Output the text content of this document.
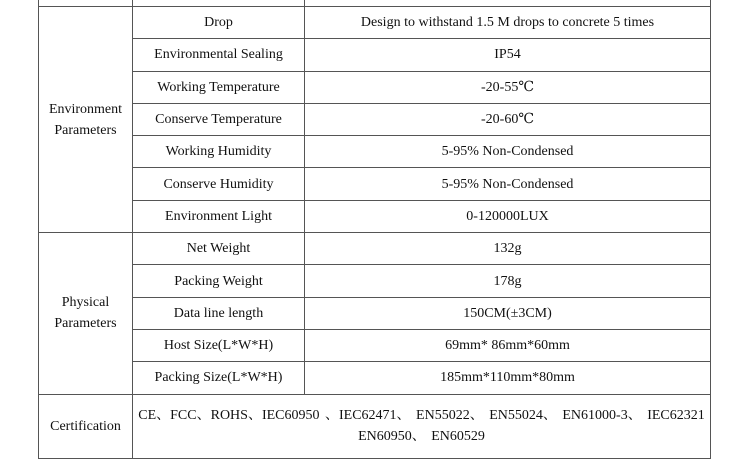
Environment Parameters	Drop	Design to withstand 1.5 M drops to concrete 5 times
	Environmental Sealing	IP54
	Working Temperature	-20-55℃
	Conserve Temperature	-20-60℃
	Working Humidity	5-95% Non-Condensed
	Conserve Humidity	5-95% Non-Condensed
	Environment Light	0-120000LUX
Physical Parameters	Net Weight	132g
	Packing Weight	178g
	Data line length	150CM(±3CM)
	Host Size(L*W*H)	69mm* 86mm*60mm
	Packing Size(L*W*H)	185mm*110mm*80mm
Certification	CE、FCC、ROHS、IEC60950 、IEC62471、 EN55022、 EN55024、 EN61000-3、 IEC62321 EN60950、 EN60529	
